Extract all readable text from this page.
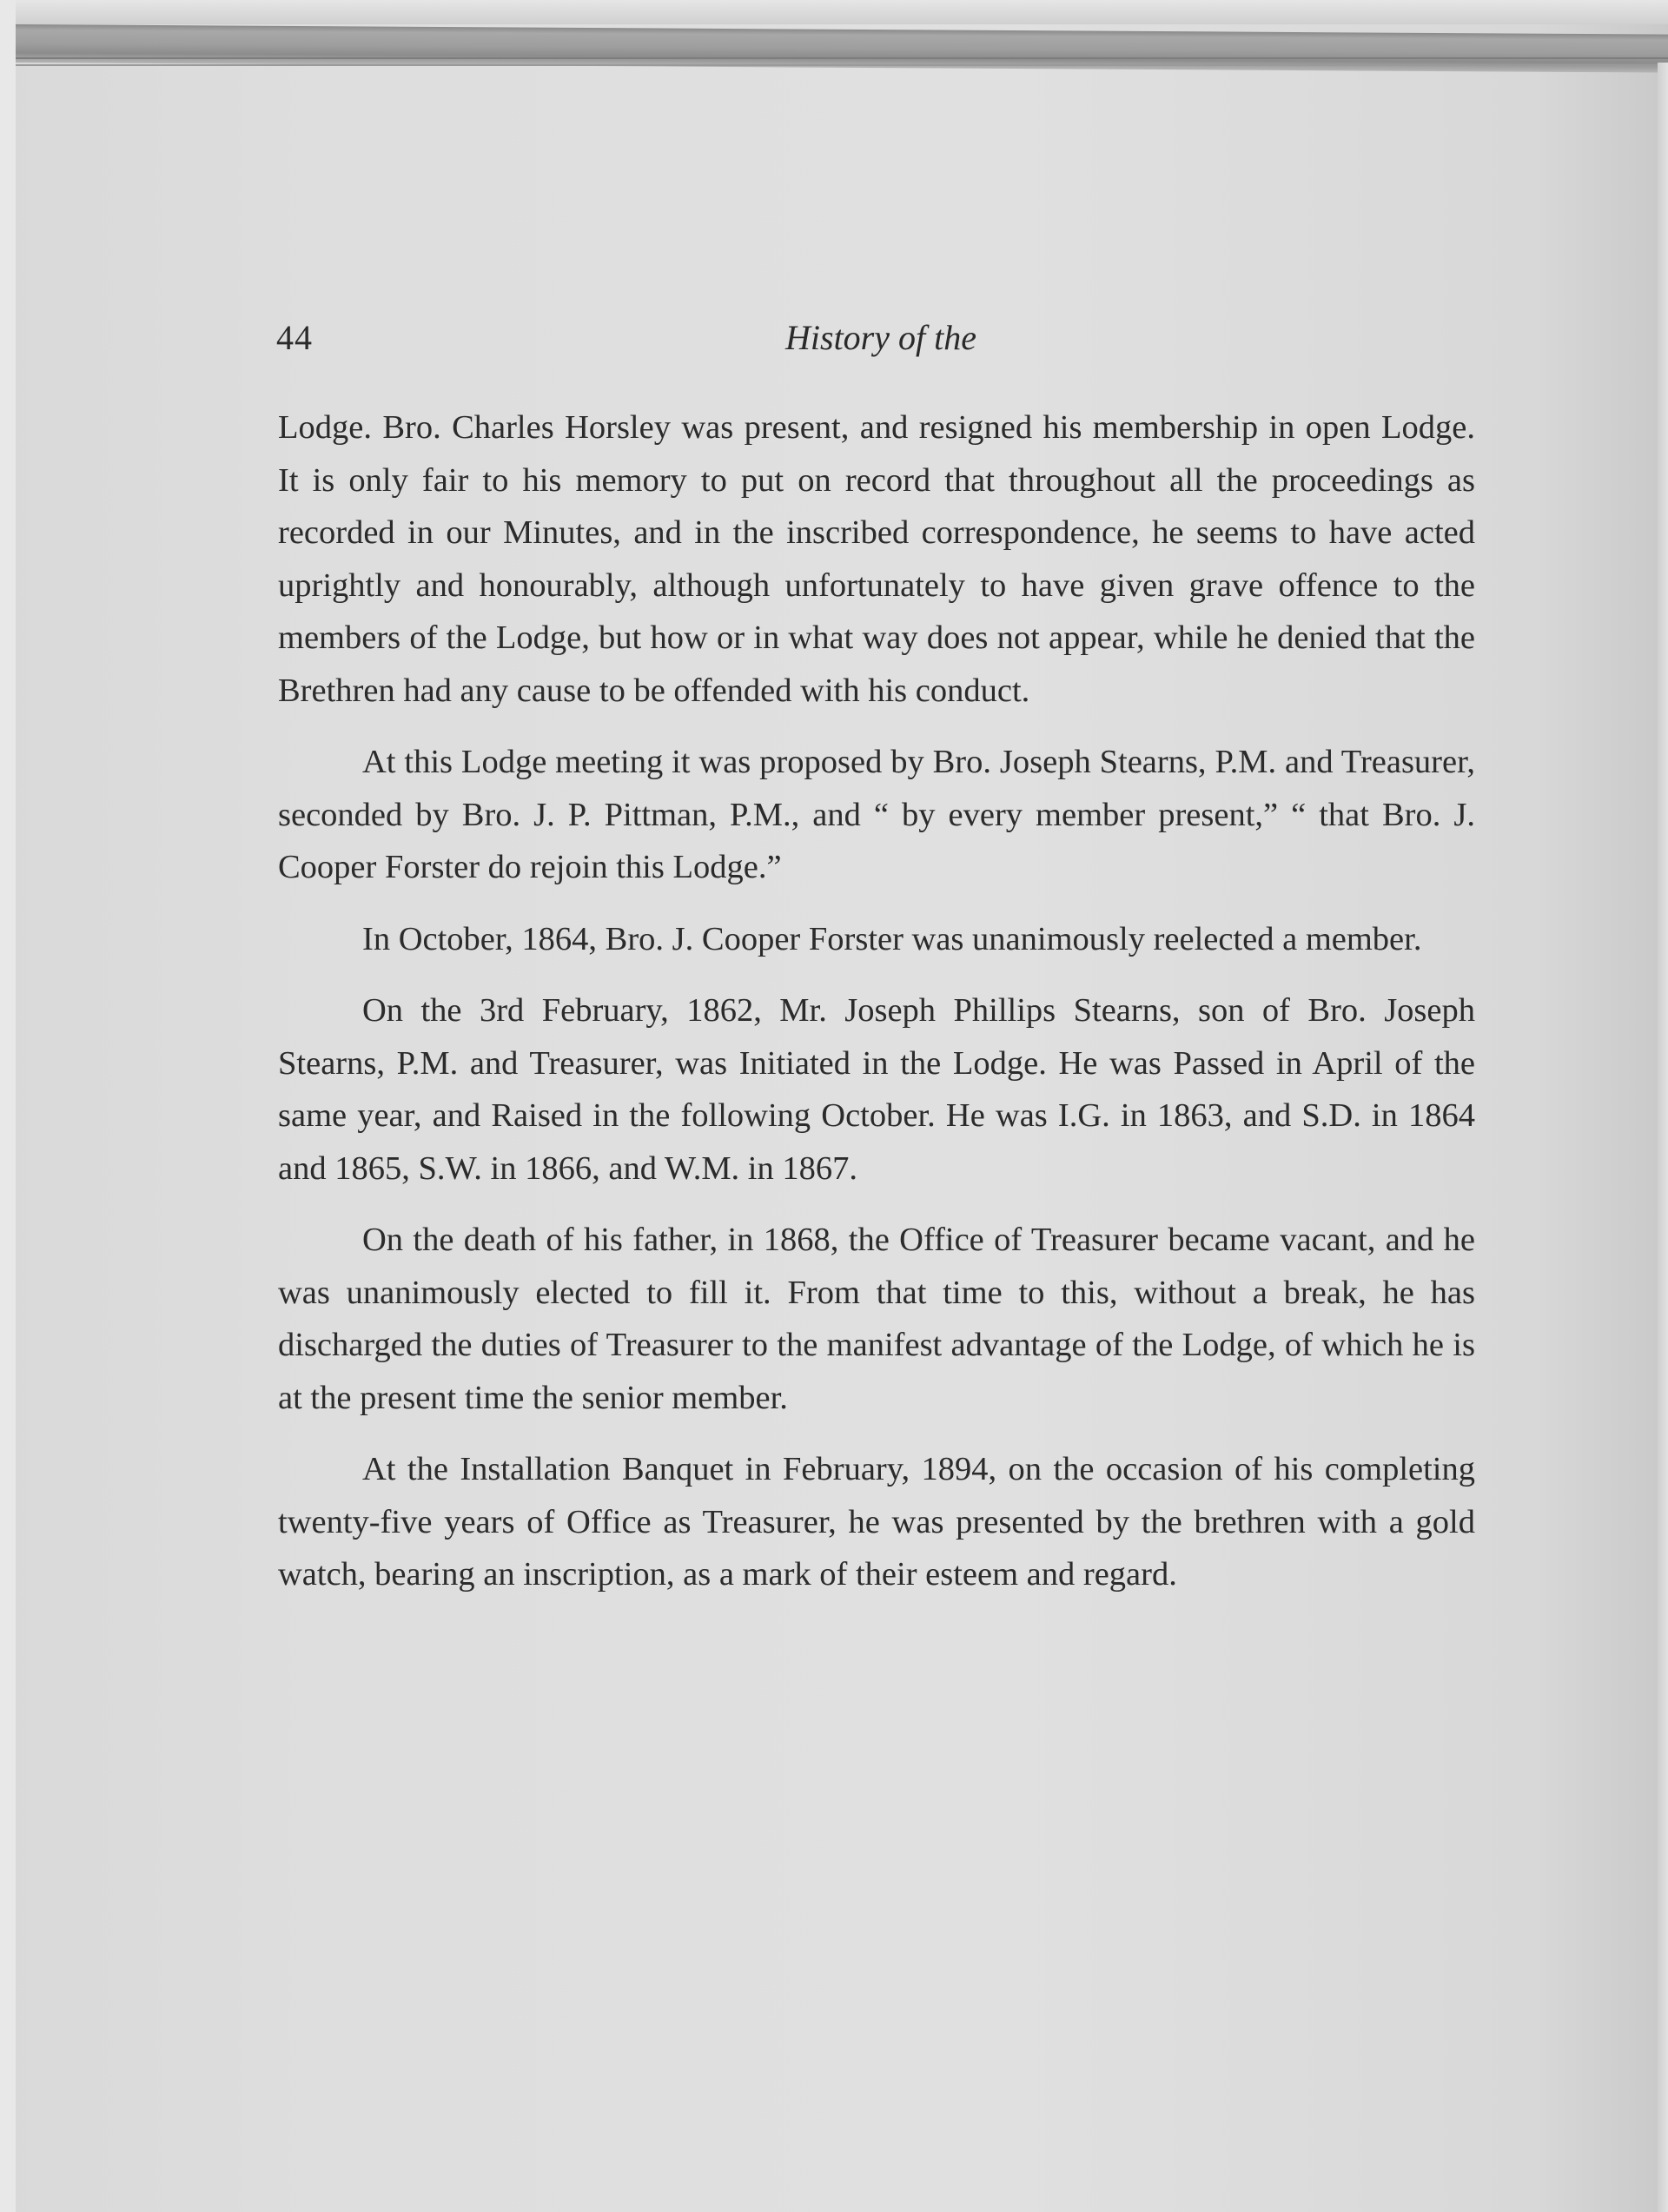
44	History of the

Lodge. Bro. Charles Horsley was present, and resigned his membership in open Lodge. It is only fair to his memory to put on record that throughout all the proceedings as recorded in our Minutes, and in the inscribed correspondence, he seems to have acted uprightly and honourably, although unfortunately to have given grave offence to the members of the Lodge, but how or in what way does not appear, while he denied that the Brethren had any cause to be offended with his conduct.

At this Lodge meeting it was proposed by Bro. Joseph Stearns, P.M. and Treasurer, seconded by Bro. J. P. Pittman, P.M., and “ by every member present,” “ that Bro. J. Cooper Forster do rejoin this Lodge.”

In October, 1864, Bro. J. Cooper Forster was unanimously reelected a member.

On the 3rd February, 1862, Mr. Joseph Phillips Stearns, son of Bro. Joseph Stearns, P.M. and Treasurer, was Initiated in the Lodge. He was Passed in April of the same year, and Raised in the following October. He was I.G. in 1863, and S.D. in 1864 and 1865, S.W. in 1866, and W.M. in 1867.

On the death of his father, in 1868, the Office of Treasurer became vacant, and he was unanimously elected to fill it. From that time to this, without a break, he has discharged the duties of Treasurer to the manifest advantage of the Lodge, of which he is at the present time the senior member.

At the Installation Banquet in February, 1894, on the occasion of his completing twenty-five years of Office as Treasurer, he was presented by the brethren with a gold watch, bearing an inscription, as a mark of their esteem and regard.
